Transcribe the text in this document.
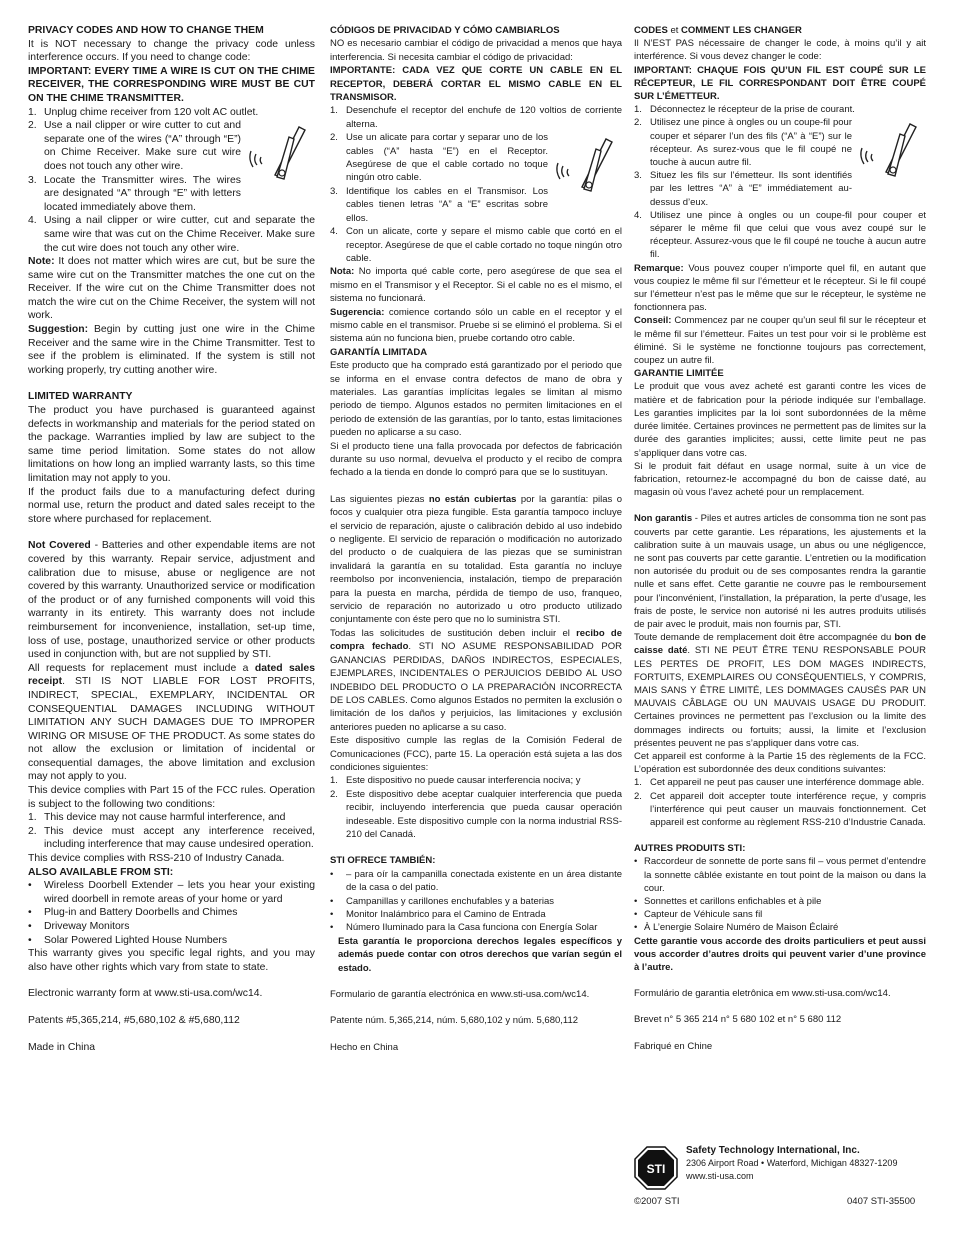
PRIVACY CODES AND HOW TO CHANGE THEM

It is NOT necessary to change the privacy code unless interference occurs. If you need to change code:

IMPORTANT: EVERY TIME A WIRE IS CUT ON THE CHIME RECEIVER, THE CORRESPONDING WIRE MUST BE CUT ON THE CHIME TRANSMITTER.

1. Unplug chime receiver from 120 volt AC outlet.
2. Use a nail clipper or wire cutter to cut and separate one of the wires (“A” through “E”) on Chime Receiver. Make sure cut wire does not touch any other wire.
3. Locate the Transmitter wires. The wires are designated “A” through “E” with letters located immediately above them.
4. Using a nail clipper or wire cutter, cut and separate the same wire that was cut on the Chime Receiver. Make sure the cut wire does not touch any other wire.

Note: It does not matter which wires are cut, but be sure the same wire cut on the Transmitter matches the one cut on the Receiver. If the wire cut on the Chime Transmitter does not match the wire cut on the Chime Receiver, the system will not work.

Suggestion: Begin by cutting just one wire in the Chime Receiver and the same wire in the Chime Transmitter. Test to see if the problem is eliminated. If the system is still not working properly, try cutting another wire.

LIMITED WARRANTY

The product you have purchased is guaranteed against defects in workmanship and materials for the period stated on the package. Warranties implied by law are subject to the same time period limitation. Some states do not allow limitations on how long an implied warranty lasts, so this time limitation may not apply to you.

If the product fails due to a manufacturing defect during normal use, return the product and dated sales receipt to the store where purchased for replacement.

Not Covered - Batteries and other expendable items are not covered by this warranty. Repair service, adjustment and calibration due to misuse, abuse or negligence are not covered by this warranty. Unauthorized service or modification of the product or of any furnished components will void this warranty in its entirety. This warranty does not include reimbursement for inconvenience, installation, set-up time, loss of use, postage, unauthorized service or other products used in conjunction with, but are not supplied by STI.

All requests for replacement must include a dated sales receipt. STI IS NOT LIABLE FOR LOST PROFITS, INDIRECT, SPECIAL, EXEMPLARY, INCIDENTAL OR CONSEQUENTIAL DAMAGES INCLUDING WITHOUT LIMITATION ANY SUCH DAMAGES DUE TO IMPROPER WIRING OR MISUSE OF THE PRODUCT. As some states do not allow the exclusion or limitation of incidental or consequential damages, the above limitation and exclusion may not apply to you.

This device complies with Part 15 of the FCC rules. Operation is subject to the following two conditions:

1. This device may not cause harmful interference, and
2. This device must accept any interference received, including interference that may cause undesired operation.

This device complies with RSS-210 of Industry Canada.

ALSO AVAILABLE FROM STI:

• Wireless Doorbell Extender – lets you hear your existing wired doorbell in remote areas of your home or yard
• Plug-in and Battery Doorbells and Chimes
• Driveway Monitors
• Solar Powered Lighted House Numbers

This warranty gives you specific legal rights, and you may also have other rights which vary from state to state.

Electronic warranty form at www.sti-usa.com/wc14.

Patents #5,365,214, #5,680,102 & #5,680,112

Made in China

CÓDIGOS DE PRIVACIDAD Y CÓMO CAMBIARLOS

NO es necesario cambiar el código de privacidad a menos que haya interferencia. Si necesita cambiar el código de privacidad:

IMPORTANTE: CADA VEZ QUE CORTE UN CABLE EN EL RECEPTOR, DEBERÁ CORTAR EL MISMO CABLE EN EL TRANSMISOR.

1. Desenchufe el receptor del enchufe de 120 voltios de corriente alterna.
2. Use un alicate para cortar y separar uno de los cables (“A” hasta “E”) en el Receptor. Asegúrese de que el cable cortado no toque ningún otro cable.
3. Identifique los cables en el Transmisor. Los cables tienen letras “A” a “E” escritas sobre ellos.
4. Con un alicate, corte y separe el mismo cable que cortó en el receptor. Asegúrese de que el cable cortado no toque ningún otro cable.

Nota: No importa qué cable corte, pero asegúrese de que sea el mismo en el Transmisor y el Receptor. Si el cable no es el mismo, el sistema no funcionará.

Sugerencia: comience cortando sólo un cable en el receptor y el mismo cable en el transmisor. Pruebe si se eliminó el problema. Si el sistema aún no funciona bien, pruebe cortando otro cable.

GARANTÍA LIMITADA

Este producto que ha comprado está garantizado por el periodo que se informa en el envase contra defectos de mano de obra y materiales. Las garantías implícitas legales se limitan al mismo periodo de tiempo. Algunos estados no permiten limitaciones en el periodo de extensión de las garantías, por lo tanto, estas limitaciones pueden no aplicarse a su caso.

Si el producto tiene una falla provocada por defectos de fabricación durante su uso normal, devuelva el producto y el recibo de compra fechado a la tienda en donde lo compró para que se lo sustituyan.

Las siguientes piezas no están cubiertas por la garantía: pilas o focos y cualquier otra pieza fungible. Esta garantía tampoco incluye el servicio de reparación, ajuste o calibración debido al uso indebido o negligente. El servicio de reparación o modificación no autorizado del producto o de cualquiera de las piezas que se suministran invalidará la garantía en su totalidad. Esta garantía no incluye reembolso por inconveniencia, instalación, tiempo de preparación para la puesta en marcha, pérdida de tiempo de uso, franqueo, servicio de reparación no autorizado u otro producto utilizado conjuntamente con éste pero que no lo suministra STI.

Todas las solicitudes de sustitución deben incluir el recibo de compra fechado. STI NO ASUME RESPONSABILIDAD POR GANANCIAS PERDIDAS, DAÑOS INDIRECTOS, ESPECIALES, EJEMPLARES, INCIDENTALES O PERJUICIOS DEBIDO AL USO INDEBIDO DEL PRODUCTO O LA PREPARACIÓN INCORRECTA DE LOS CABLES. Como algunos Estados no permiten la exclusión o limitación de los daños y perjuicios, las limitaciones y exclusión anteriores pueden no aplicarse a su caso.

Este dispositivo cumple las reglas de la Comisión Federal de Comunicaciones (FCC), parte 15. La operación está sujeta a las dos condiciones siguientes:

1. Este dispositivo no puede causar interferencia nociva; y
2. Este dispositivo debe aceptar cualquier interferencia que pueda recibir, incluyendo interferencia que pueda causar operación indeseable. Este dispositivo cumple con la norma industrial RSS-210 del Canadá.

STI OFRECE TAMBIÉN:

• – para oír la campanilla conectada existente en un área distante de la casa o del patio.
• Campanillas y carillones enchufables y a baterias
• Monitor Inalámbrico para el Camino de Entrada
• Número Iluminado para la Casa funciona con Energía Solar

Esta garantía le proporciona derechos legales específicos y además puede contar con otros derechos que varían según el estado.

Formulario de garantía electrónica en www.sti-usa.com/wc14.

Patente núm. 5,365,214, núm. 5,680,102 y núm. 5,680,112

Hecho en China

CODES et COMMENT LES CHANGER

Il N’EST PAS nécessaire de changer le code, à moins qu’il y ait interférence. Si vous devez changer le code:

IMPORTANT: CHAQUE FOIS QU’UN FIL EST COUPÉ SUR LE RÉCEPTEUR, LE FIL CORRESPONDANT DOIT ÊTRE COUPÉ SUR L’ÉMETTEUR.

1. Déconnectez le récepteur de la prise de courant.
2. Utilisez une pince à ongles ou un coupe-fil pour couper et séparer l’un des fils (“A” à “E”) sur le récepteur. As surez-vous que le fil coupé ne touche à aucun autre fil.
3. Situez les fils sur l’émetteur. Ils sont identifiés par les lettres “A” à “E” immédiatement au-dessus d’eux.
4. Utilisez une pince à ongles ou un coupe-fil pour couper et séparer le même fil que celui que vous avez coupé sur le récepteur. Assurez-vous que le fil coupé ne touche à aucun autre fil.

Remarque: Vous pouvez couper n’importe quel fil, en autant que vous coupiez le même fil sur l’émetteur et le récepteur. Si le fil coupé sur l’émetteur n’est pas le même que sur le récepteur, le système ne fonctionnera pas.

Conseil: Commencez par ne couper qu’un seul fil sur le récepteur et le même fil sur l’émetteur. Faites un test pour voir si le problème est éliminé. Si le système ne fonctionne toujours pas correctement, coupez un autre fil.

GARANTIE LIMITÉE

Le produit que vous avez acheté est garanti contre les vices de matière et de fabrication pour la période indiquée sur l’emballage. Les garanties implicites par la loi sont subordonnées de la même durée limitée. Certaines provinces ne permettent pas de limites sur la durée des garanties implicites; aussi, cette limite peut ne pas s’appliquer dans votre cas.

Si le produit fait défaut en usage normal, suite à un vice de fabrication, retournez-le accompagné du bon de caisse daté, au magasin où vous l’avez acheté pour un remplacement.

Non garantis - Piles et autres articles de consomma tion ne sont pas couverts par cette garantie. Les réparations, les ajustements et la calibration suite à un mauvais usage, un abus ou une négligencce, ne sont pas couverts par cette garantie. L’entretien ou la modification non autorisée du produit ou de ses composantes rendra la garantie nulle et sans effet. Cette garantie ne couvre pas le remboursement pour l’inconvénient, l’installation, la préparation, la perte d’usage, les frais de poste, le service non autorisé ni les autres produits utilisés de pair avec le produit, mais non fournis par, STI.

Toute demande de remplacement doit être accompagnée du bon de caisse daté. STI NE PEUT ÊTRE TENU RESPONSABLE POUR LES PERTES DE PROFIT, LES DOM MAGES INDIRECTS, FORTUITS, EXEMPLAIRES OU CONSÉQUENTIELS, Y COMPRIS, MAIS SANS Y ÊTRE LIMITÉ, LES DOMMAGES CAUSÉS PAR UN MAUVAIS CÂBLAGE OU UN MAUVAIS USAGE DU PRODUIT. Certaines provinces ne permettent pas l’exclusion ou la limite des dommages indirects ou fortuits; aussi, la limite et l’exclusion présentes peuvent ne pas s’appliquer dans votre cas.

Cet appareil est conforme à la Partie 15 des règlements de la FCC. L’opération est subordonnée des deux conditions suivantes:

1. Cet appareil ne peut pas causer une interférence dommage able.
2. Cet appareil doit accepter toute interférence reçue, y compris l’interférence qui peut causer un mauvais fonctionnement. Cet appareil est conforme au règlement RSS-210 d’Industrie Canada.

AUTRES PRODUITS STI:

• Raccordeur de sonnette de porte sans fil – vous permet d’entendre la sonnette câblée existante en tout point de la maison ou dans la cour.
• Sonnettes et carillons enfichables et à pile
• Capteur de Véhicule sans fil
• À L’energie Solaire Numéro de Maison Éclairé

Cette garantie vous accorde des droits particuliers et peut aussi vous accorder d’autres droits qui peuvent varier d’une province à l’autre.

Formulário de garantia eletrônica em www.sti-usa.com/wc14.

Brevet n° 5 365 214 n° 5 680 102 et n° 5 680 112

Fabriqué en Chine

STI
Safety Technology International, Inc.
2306 Airport Road • Waterford, Michigan 48327-1209
www.sti-usa.com
©2007 STI	0407 STI-35500
